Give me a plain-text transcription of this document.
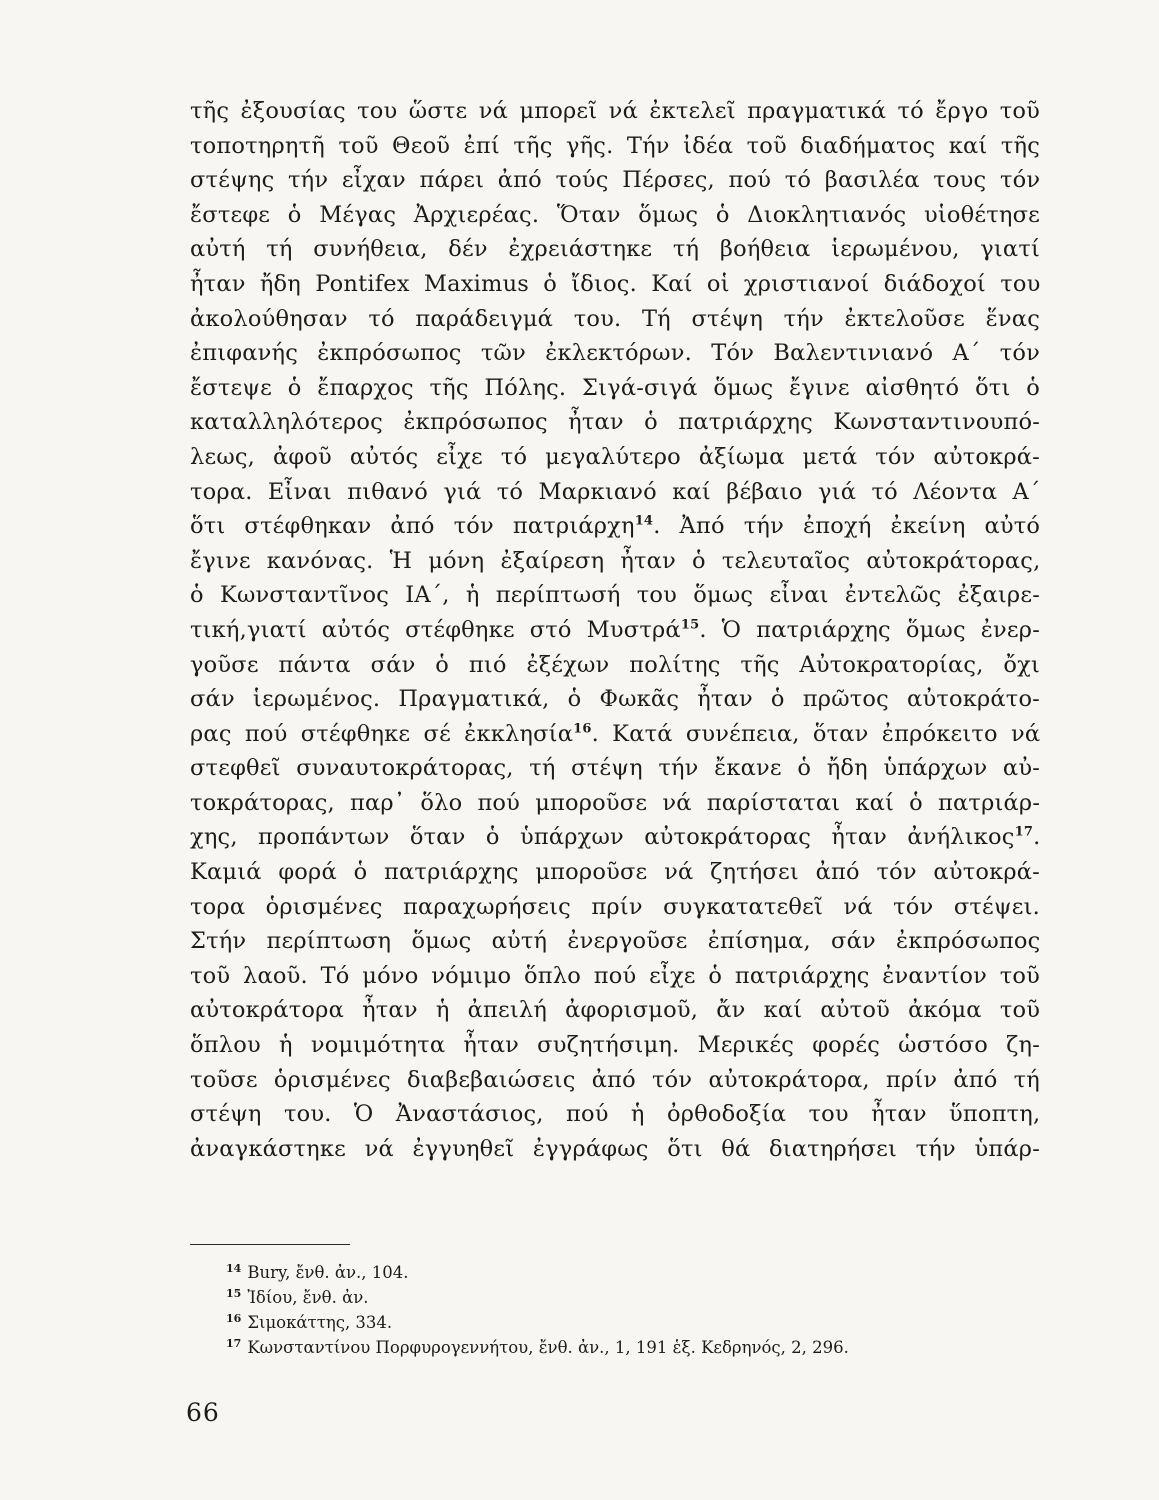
τῆς ἐξουσίας του ὥστε νά μπορεῖ νά ἐκτελεῖ πραγματικά τό ἔργο τοῦ
τοποτηρητῆ τοῦ Θεοῦ ἐπί τῆς γῆς. Τήν ἰδέα τοῦ διαδήματος καί τῆς
στέψης τήν εἶχαν πάρει ἀπό τούς Πέρσες, πού τό βασιλέα τους τόν
ἔστεφε ὁ Μέγας Ἀρχιερέας. Ὅταν ὅμως ὁ Διοκλητιανός υἱοθέτησε
αὐτή τή συνήθεια, δέν ἐχρειάστηκε τή βοήθεια ἱερωμένου, γιατί
ἦταν ἤδη Pontifex Maximus ὁ ἴδιος. Καί οἱ χριστιανοί διάδοχοί του
ἀκολούθησαν τό παράδειγμά του. Τή στέψη τήν ἐκτελοῦσε ἕνας
ἐπιφανής ἐκπρόσωπος τῶν ἐκλεκτόρων. Τόν Βαλεντινιανό Α´ τόν
ἔστεψε ὁ ἔπαρχος τῆς Πόλης. Σιγά-σιγά ὅμως ἔγινε αἰσθητό ὅτι ὁ
καταλληλότερος ἐκπρόσωπος ἦταν ὁ πατριάρχης Κωνσταντινουπό-
λεως, ἀφοῦ αὐτός εἶχε τό μεγαλύτερο ἀξίωμα μετά τόν αὐτοκρά-
τορα. Εἶναι πιθανό γιά τό Μαρκιανό καί βέβαιο γιά τό Λέοντα Α´
ὅτι στέφθηκαν ἀπό τόν πατριάρχη$^{14}$. Ἀπό τήν ἐποχή ἐκείνη αὐτό
ἔγινε κανόνας. Ἡ μόνη ἐξαίρεση ἦταν ὁ τελευταῖος αὐτοκράτορας,
ὁ Κωνσταντῖνος ΙΑ´, ἡ περίπτωσή του ὅμως εἶναι ἐντελῶς ἐξαιρε-
τική,γιατί αὐτός στέφθηκε στό Μυστρά$^{15}$. Ὁ πατριάρχης ὅμως ἐνερ-
γοῦσε πάντα σάν ὁ πιό ἐξέχων πολίτης τῆς Αὐτοκρατορίας, ὄχι
σάν ἱερωμένος. Πραγματικά, ὁ Φωκᾶς ἦταν ὁ πρῶτος αὐτοκράτο-
ρας πού στέφθηκε σέ ἐκκλησία$^{16}$. Κατά συνέπεια, ὅταν ἐπρόκειτο νά
στεφθεῖ συναυτοκράτορας, τή στέψη τήν ἔκανε ὁ ἤδη ὑπάρχων αὐ-
τοκράτορας, παρ᾿ ὅλο πού μποροῦσε νά παρίσταται καί ὁ πατριάρ-
χης, προπάντων ὅταν ὁ ὑπάρχων αὐτοκράτορας ἦταν ἀνήλικος$^{17}$.
Καμιά φορά ὁ πατριάρχης μποροῦσε νά ζητήσει ἀπό τόν αὐτοκρά-
τορα ὁρισμένες παραχωρήσεις πρίν συγκατατεθεῖ νά τόν στέψει.
Στήν περίπτωση ὅμως αὐτή ἐνεργοῦσε ἐπίσημα, σάν ἐκπρόσωπος
τοῦ λαοῦ. Τό μόνο νόμιμο ὅπλο πού εἶχε ὁ πατριάρχης ἐναντίον τοῦ
αὐτοκράτορα ἦταν ἡ ἀπειλή ἀφορισμοῦ, ἄν καί αὐτοῦ ἀκόμα τοῦ
ὅπλου ἡ νομιμότητα ἦταν συζητήσιμη. Μερικές φορές ὡστόσο ζη-
τοῦσε ὁρισμένες διαβεβαιώσεις ἀπό τόν αὐτοκράτορα, πρίν ἀπό τή
στέψη του. Ὁ Ἀναστάσιος, πού ἡ ὀρθοδοξία του ἦταν ὕποπτη,
ἀναγκάστηκε νά ἐγγυηθεῖ ἐγγράφως ὅτι θά διατηρήσει τήν ὑπάρ-
$^{14}$ Bury, ἔνθ. ἀν., 104.
$^{15}$ Ἰδίου, ἔνθ. ἀν.
$^{16}$ Σιμοκάττης, 334.
$^{17}$ Κωνσταντίνου Πορφυρογεννήτου, ἔνθ. ἀν., 1, 191 ἑξ. Κεδρηνός, 2, 296.
66
